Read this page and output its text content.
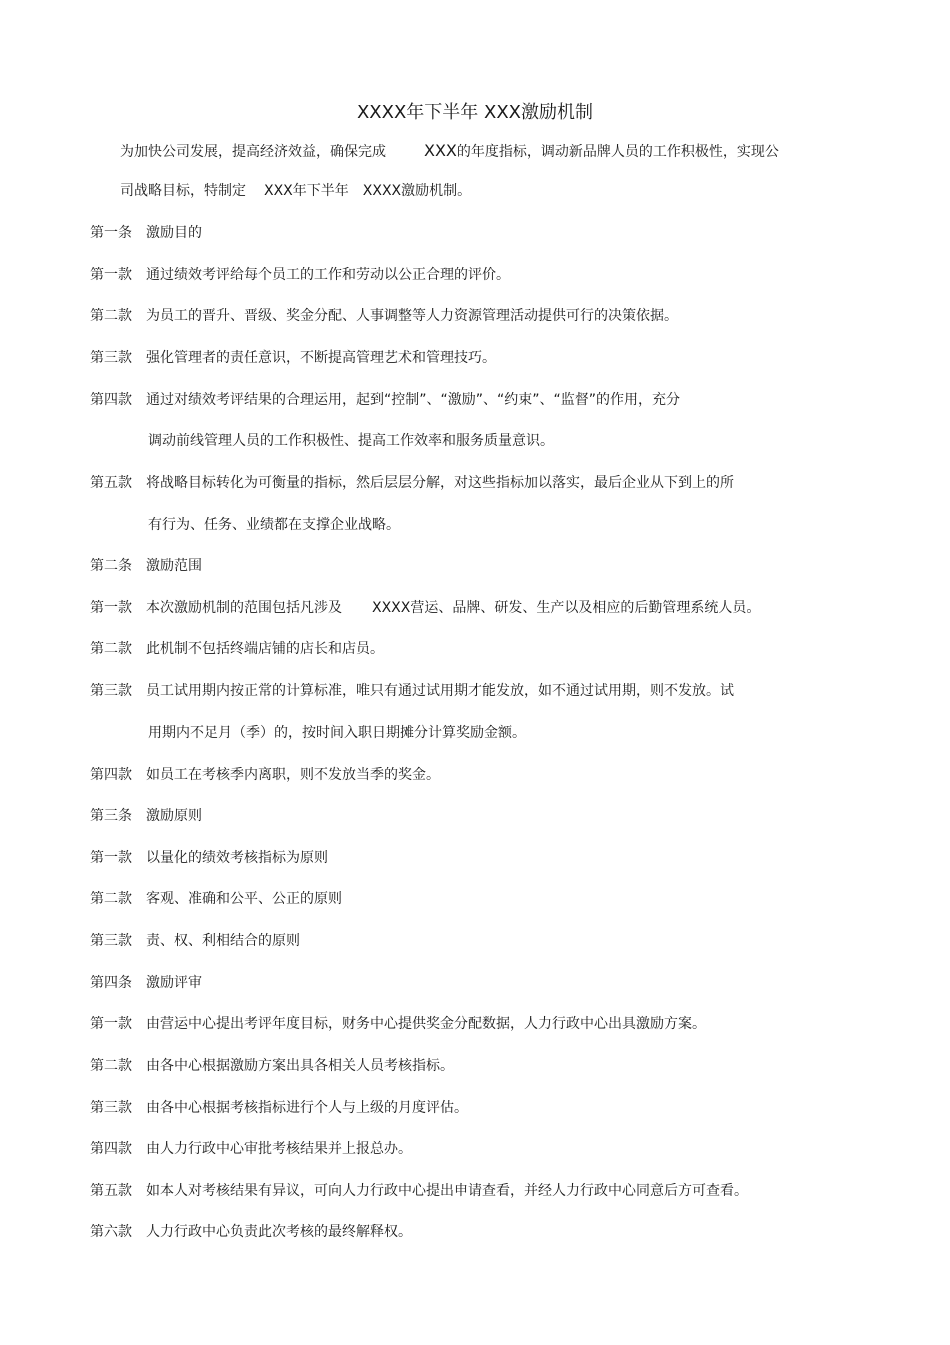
XXXX年下半年 XXX激励机制
为加快公司发展，提高经济效益，确保完成 XXX的年度指标，调动新品牌人员的工作积极性，实现公
司战略目标，特制定 XXX年下半年 XXXX激励机制。
第一条 激励目的
第一款 通过绩效考评给每个员工的工作和劳动以公正合理的评价。
第二款 为员工的晋升、晋级、奖金分配、人事调整等人力资源管理活动提供可行的决策依据。
第三款 强化管理者的责任意识，不断提高管理艺术和管理技巧。
第四款 通过对绩效考评结果的合理运用，起到“控制”、“激励”、“约束”、“监督”的作用，充分
调动前线管理人员的工作积极性、提高工作效率和服务质量意识。
第五款 将战略目标转化为可衡量的指标，然后层层分解，对这些指标加以落实，最后企业从下到上的所
有行为、任务、业绩都在支撑企业战略。
第二条 激励范围
第一款 本次激励机制的范围包括凡涉及 XXXX营运、品牌、研发、生产以及相应的后勤管理系统人员。
第二款 此机制不包括终端店铺的店长和店员。
第三款 员工试用期内按正常的计算标准，唯只有通过试用期才能发放，如不通过试用期，则不发放。试
用期内不足月（季）的，按时间入职日期摊分计算奖励金额。
第四款 如员工在考核季内离职，则不发放当季的奖金。
第三条 激励原则
第一款 以量化的绩效考核指标为原则
第二款 客观、准确和公平、公正的原则
第三款 责、权、利相结合的原则
第四条 激励评审
第一款 由营运中心提出考评年度目标，财务中心提供奖金分配数据，人力行政中心出具激励方案。
第二款 由各中心根据激励方案出具各相关人员考核指标。
第三款 由各中心根据考核指标进行个人与上级的月度评估。
第四款 由人力行政中心审批考核结果并上报总办。
第五款 如本人对考核结果有异议，可向人力行政中心提出申请查看，并经人力行政中心同意后方可查看。
第六款 人力行政中心负责此次考核的最终解释权。
